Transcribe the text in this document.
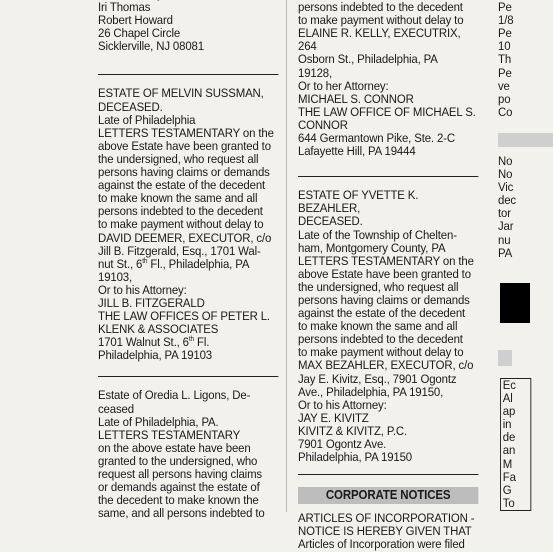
Iri Thomas

Robert Howard

26 Chapel Circle

Sicklerville, NJ 08081

ESTATE OF MELVIN SUSSMAN,

DECEASED.

Late of Philadelphia

LETTERS TESTAMENTARY on the

above Estate have been granted to

the undersigned, who request all

persons having claims or demands

against the estate of the decedent

to make known the same and all

persons indebted to the decedent

to make payment without delay to

DAVID DEEMER, EXECUTOR, c/o

Jill B. Fitzgerald, Esq., 1701 Wal-

nut St., 6th Fl., Philadelphia, PA

19103,

Or to his Attorney:

JILL B. FITZGERALD

THE LAW OFFICES OF PETER L.

KLENK & ASSOCIATES

1701 Walnut St., 6th Fl.

Philadelphia, PA 19103

Estate of Oredia L. Ligons, De-

ceased

Late of Philadelphia, PA.

LETTERS TESTAMENTARY

on the above estate have been

granted to the undersigned, who

request all persons having claims

or demands against the estate of

the decedent to make known the

same, and all persons indebted to

persons indebted to the decedent

to make payment without delay to

ELAINE R. KELLY, EXECUTRIX, 264

Osborn St., Philadelphia, PA

19128,

Or to her Attorney:

MICHAEL S. CONNOR

THE LAW OFFICE OF MICHAEL S.

CONNOR

644 Germantown Pike, Ste. 2-C

Lafayette Hill, PA 19444

ESTATE OF YVETTE K. BEZAHLER,

DECEASED.

Late of the Township of Chelten-

ham, Montgomery County, PA

LETTERS TESTAMENTARY on the

above Estate have been granted to

the undersigned, who request all

persons having claims or demands

against the estate of the decedent

to make known the same and all

persons indebted to the decedent

to make payment without delay to

MAX BEZAHLER, EXECUTOR, c/o

Jay E. Kivitz, Esq., 7901 Ogontz

Ave., Philadelphia, PA 19150,

Or to his Attorney:

JAY E. KIVITZ

KIVITZ & KIVITZ, P.C.

7901 Ogontz Ave.

Philadelphia, PA 19150

CORPORATE NOTICES

ARTICLES OF INCORPORATION -

NOTICE IS HEREBY GIVEN THAT

Articles of Incorporation were filed

Pe

1/8

Pe

10

Th

Pe

ve

po

Co

No

No

Vic

dec

tor

Jar

nu

PA

1

Ec

Al

ap

in

de

an

M

Fa

G

To
